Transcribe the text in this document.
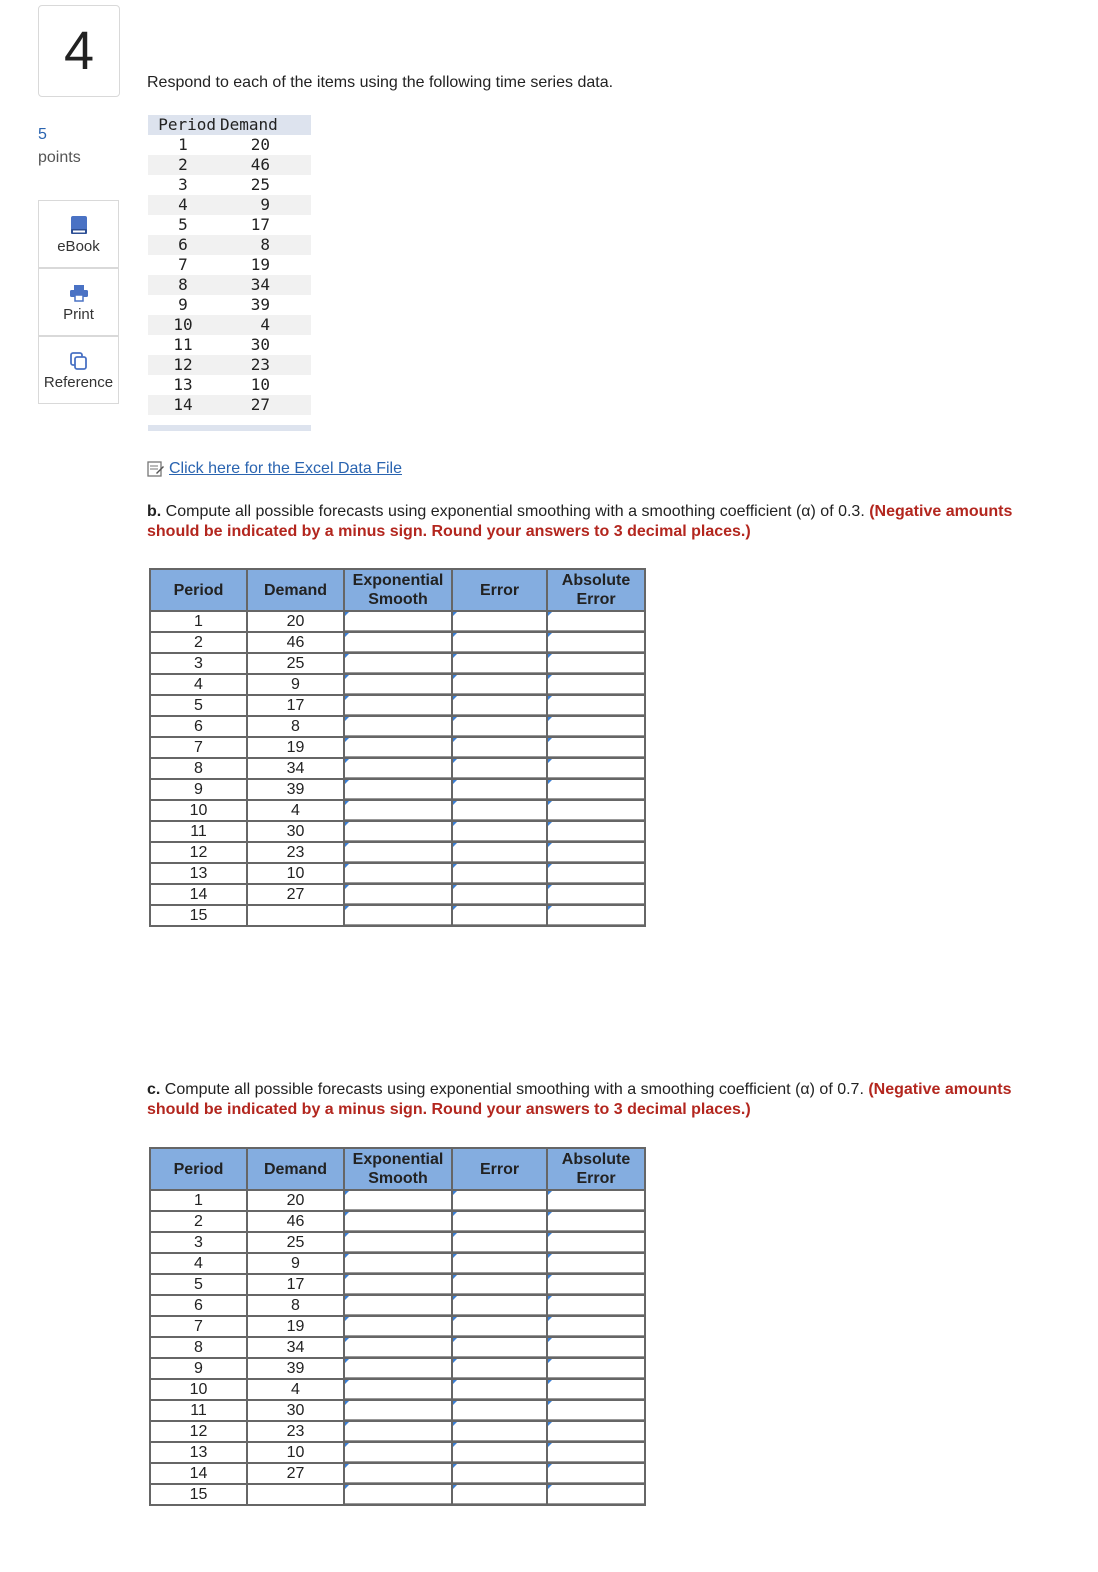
4
5
points
eBook
Print
Reference
Respond to each of the items using the following time series data.
Period	Demand
1	20
2	46
3	25
4	9
5	17
6	8
7	19
8	34
9	39
10	4
11	30
12	23
13	10
14	27
Click here for the Excel Data File
b. Compute all possible forecasts using exponential smoothing with a smoothing coefficient (α) of 0.3. (Negative amounts should be indicated by a minus sign. Round your answers to 3 decimal places.)
Period	Demand	Exponential Smooth	Error	Absolute Error
1	20	

2	46	

3	25	

4	9	

5	17	

6	8	

7	19	

8	34	

9	39	

10	4	

11	30	

12	23	

13	10	

14	27	

15		

c. Compute all possible forecasts using exponential smoothing with a smoothing coefficient (α) of 0.7. (Negative amounts should be indicated by a minus sign. Round your answers to 3 decimal places.)
Period	Demand	Exponential Smooth	Error	Absolute Error
1	20	

2	46	

3	25	

4	9	

5	17	

6	8	

7	19	

8	34	

9	39	

10	4	

11	30	

12	23	

13	10	

14	27	

15		
